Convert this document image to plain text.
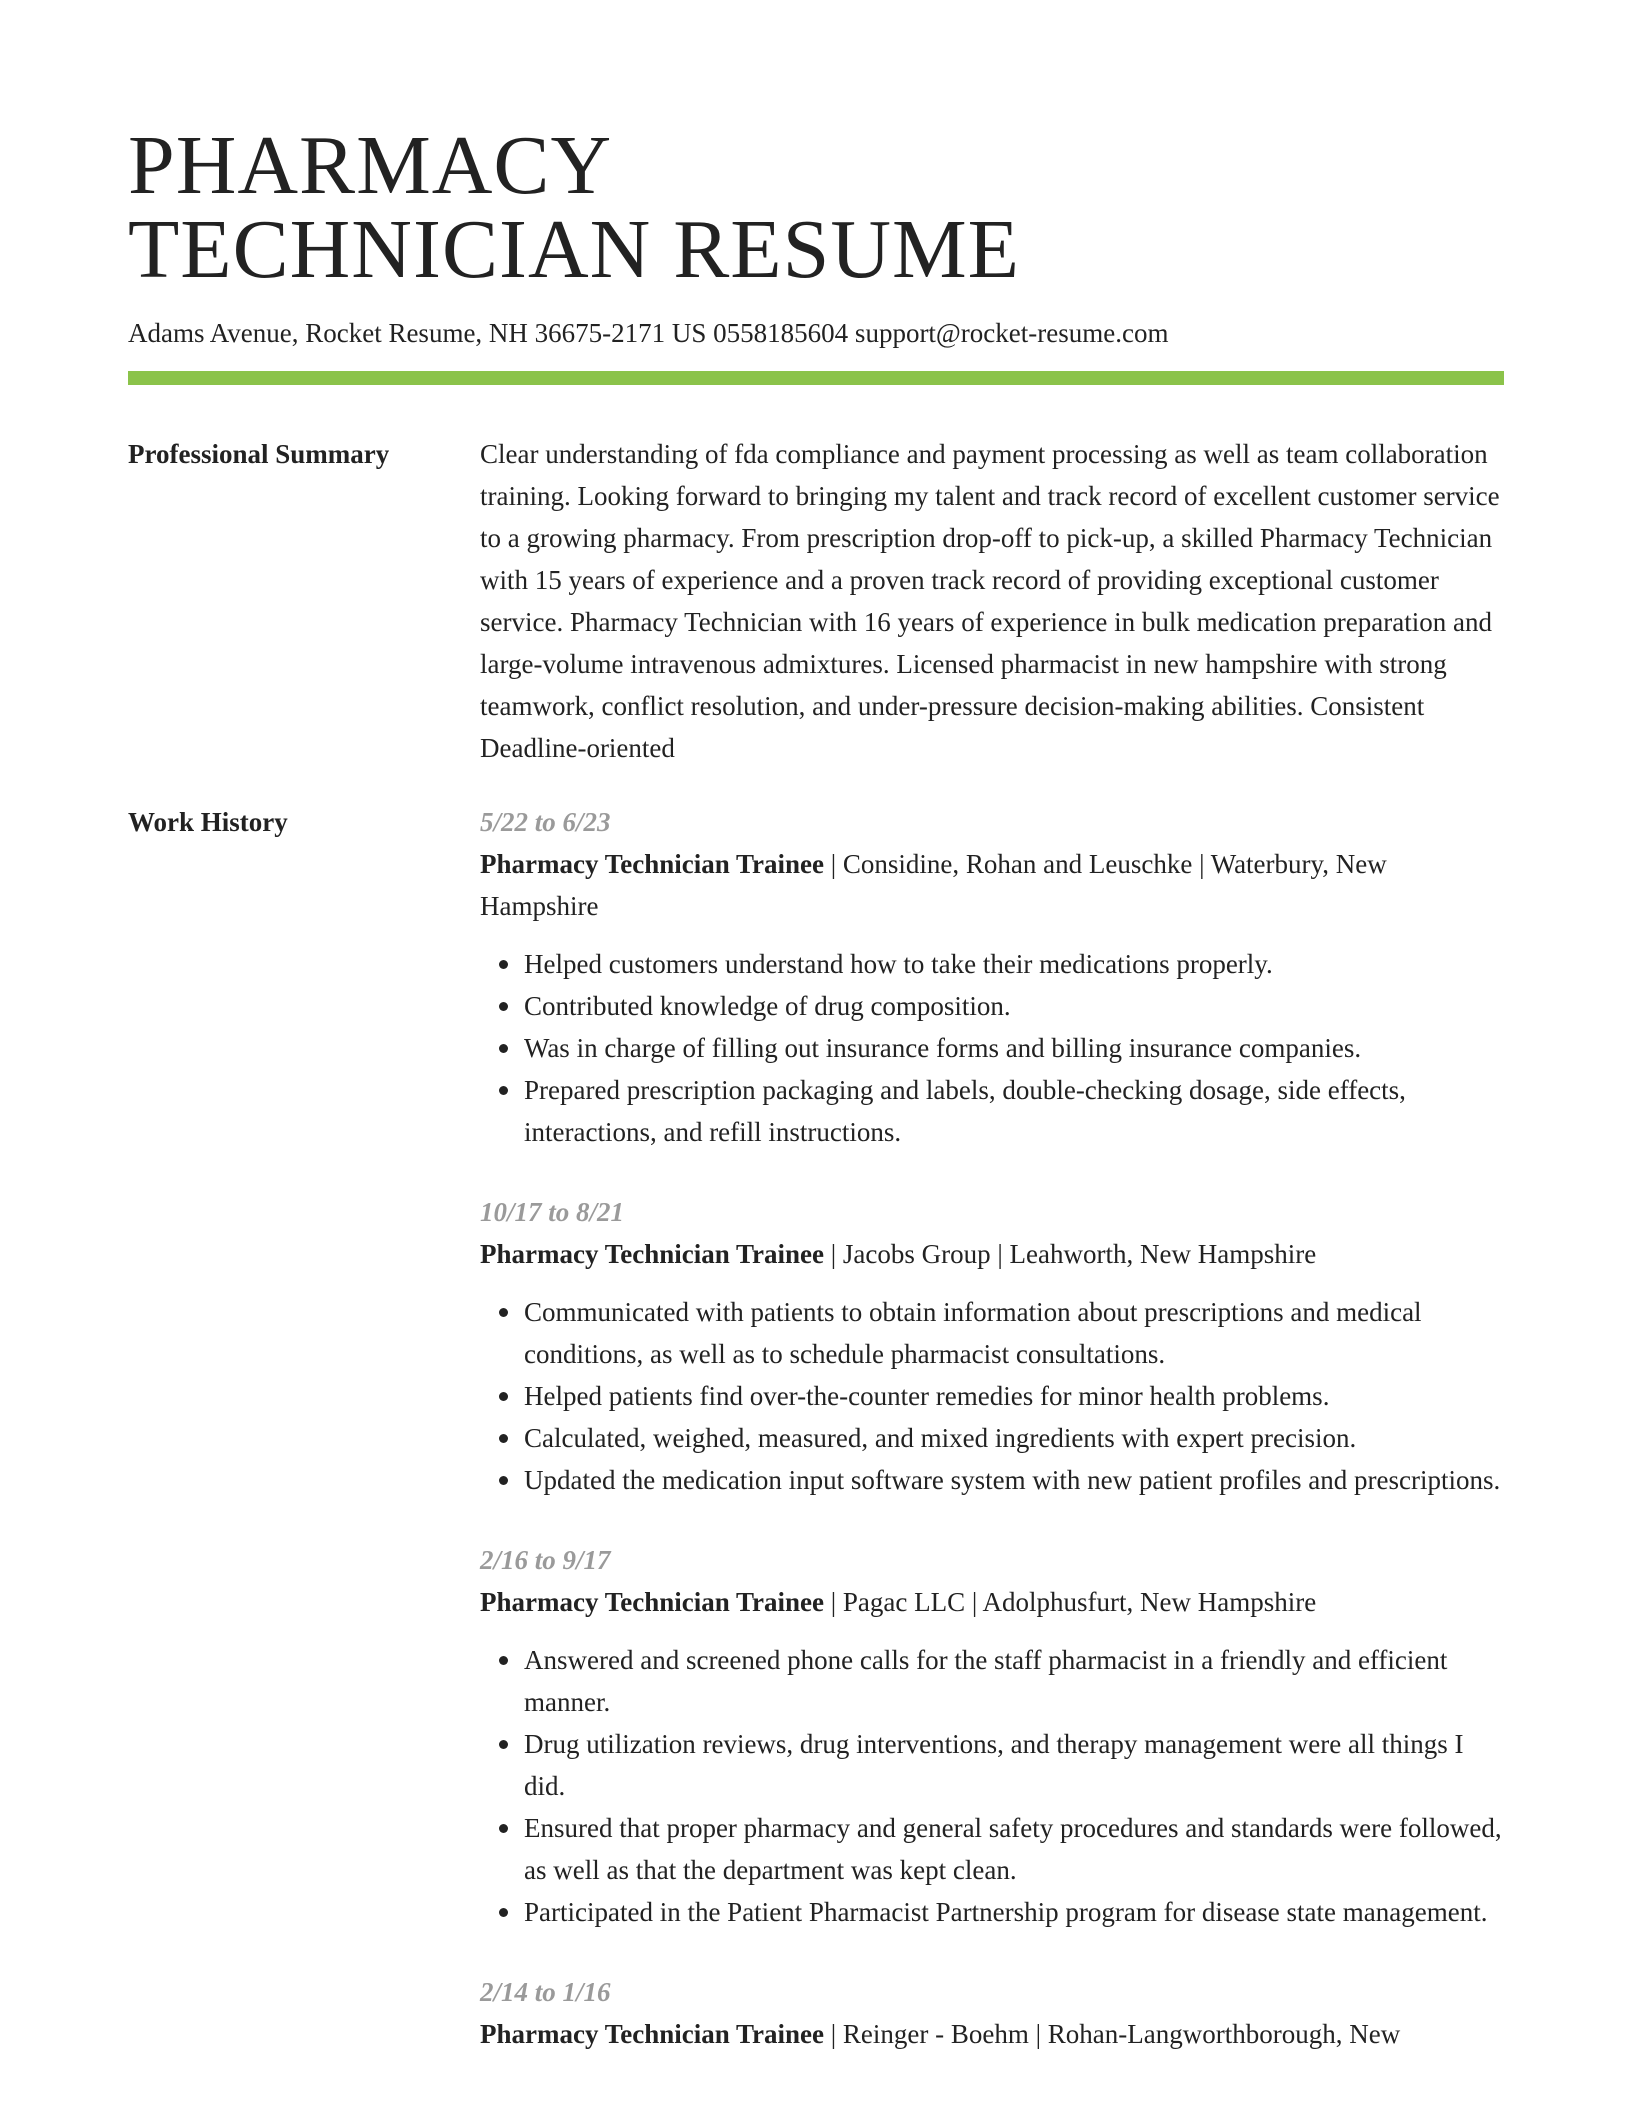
PHARMACY
TECHNICIAN RESUME
Adams Avenue, Rocket Resume, NH 36675-2171 US 0558185604 support@rocket-resume.com
Professional Summary	Clear understanding of fda compliance and payment processing as well as team collaboration training. Looking forward to bringing my talent and track record of excellent customer service to a growing pharmacy. From prescription drop-off to pick-up, a skilled Pharmacy Technician with 15 years of experience and a proven track record of providing exceptional customer service. Pharmacy Technician with 16 years of experience in bulk medication preparation and large-volume intravenous admixtures. Licensed pharmacist in new hampshire with strong teamwork, conflict resolution, and under-pressure decision-making abilities. Consistent Deadline-oriented

Work History	5/22 to 6/23

Pharmacy Technician Trainee | Considine, Rohan and Leuschke | Waterbury, New Hampshire

Helped customers understand how to take their medications properly.
Contributed knowledge of drug composition.
Was in charge of filling out insurance forms and billing insurance companies.
Prepared prescription packaging and labels, double-checking dosage, side effects, interactions, and refill instructions.
10/17 to 8/21

Pharmacy Technician Trainee | Jacobs Group | Leahworth, New Hampshire

Communicated with patients to obtain information about prescriptions and medical conditions, as well as to schedule pharmacist consultations.
Helped patients find over-the-counter remedies for minor health problems.
Calculated, weighed, measured, and mixed ingredients with expert precision.
Updated the medication input software system with new patient profiles and prescriptions.
2/16 to 9/17

Pharmacy Technician Trainee | Pagac LLC | Adolphusfurt, New Hampshire

Answered and screened phone calls for the staff pharmacist in a friendly and efficient manner.
Drug utilization reviews, drug interventions, and therapy management were all things I did.
Ensured that proper pharmacy and general safety procedures and standards were followed, as well as that the department was kept clean.
Participated in the Patient Pharmacist Partnership program for disease state management.
2/14 to 1/16

Pharmacy Technician Trainee | Reinger - Boehm | Rohan-Langworthborough, New
